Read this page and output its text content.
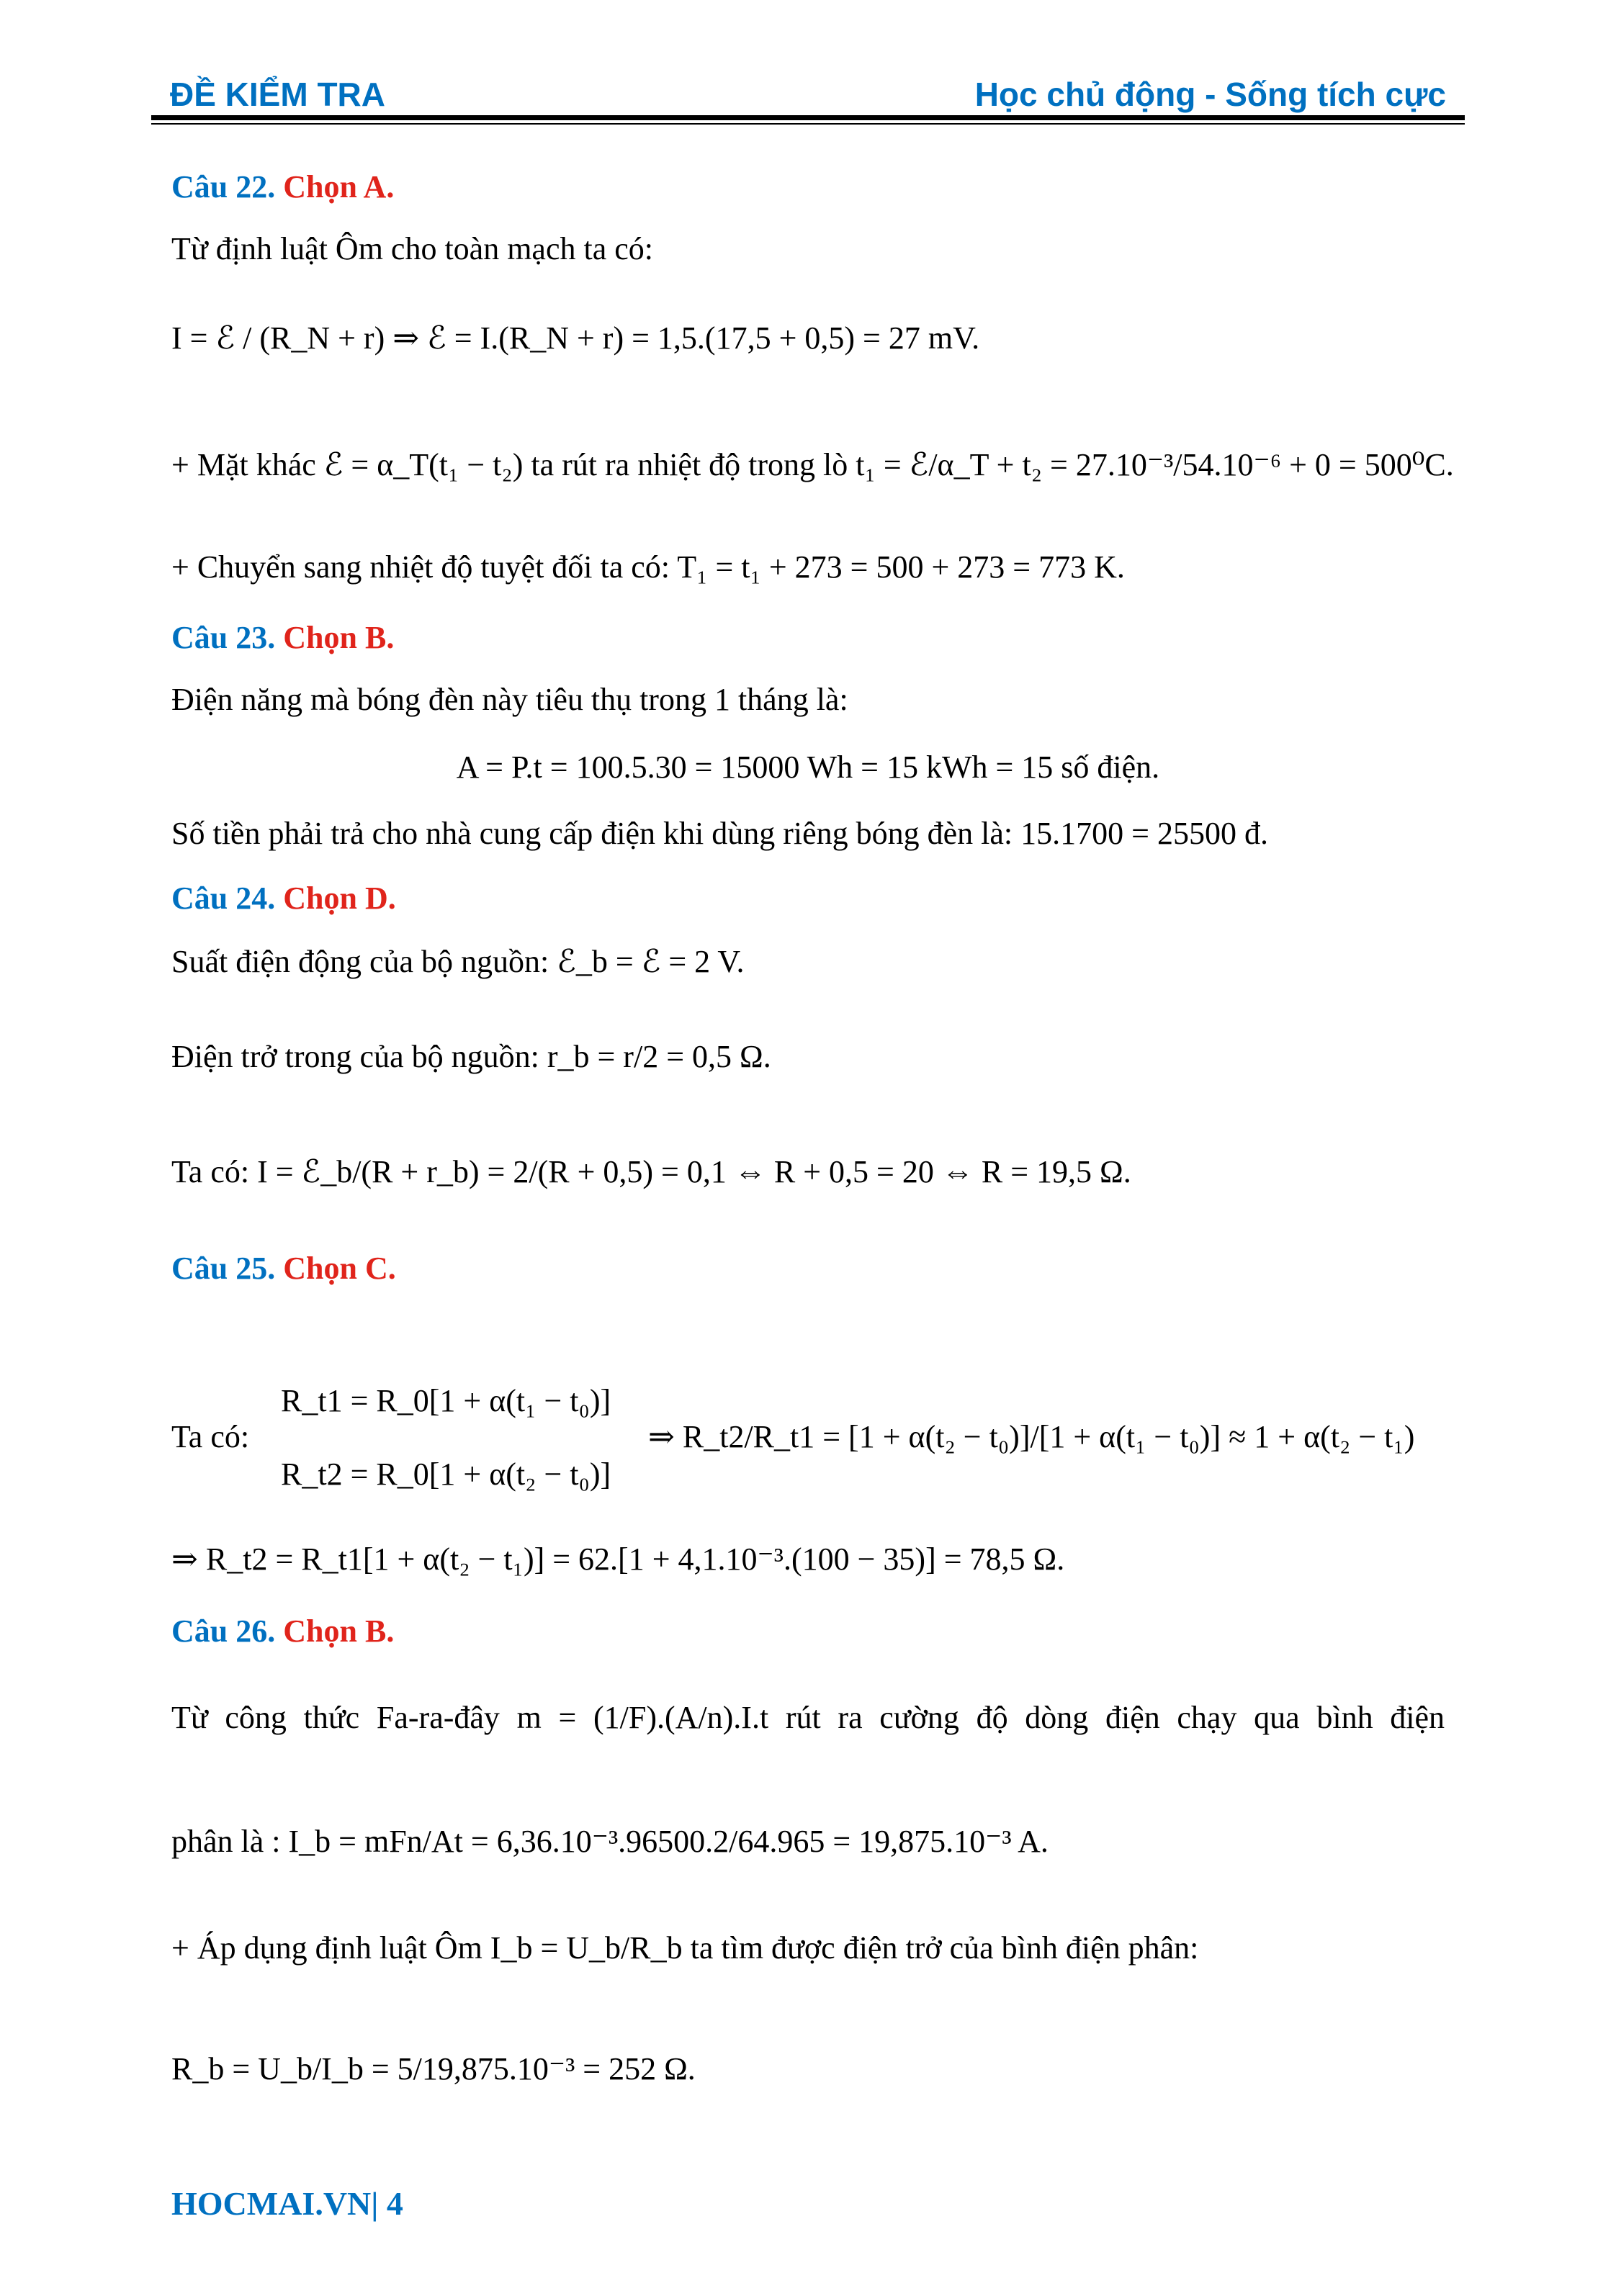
ĐỀ KIỂM TRA	Học chủ động - Sống tích cực
Câu 22. Chọn A.
Từ định luật Ôm cho toàn mạch ta có:
I = ℰ / (R_N + r) ⇒ ℰ = I.(R_N + r) = 1,5.(17,5 + 0,5) = 27 mV.
+ Mặt khác ℰ = α_T(t₁ − t₂) ta rút ra nhiệt độ trong lò t₁ = ℰ/α_T + t₂ = 27.10⁻³/54.10⁻⁶ + 0 = 500⁰C.
+ Chuyển sang nhiệt độ tuyệt đối ta có: T₁ = t₁ + 273 = 500 + 273 = 773 K.
Câu 23. Chọn B.
Điện năng mà bóng đèn này tiêu thụ trong 1 tháng là:
A = P.t = 100.5.30 = 15000 Wh = 15 kWh = 15 số điện.
Số tiền phải trả cho nhà cung cấp điện khi dùng riêng bóng đèn là: 15.1700 = 25500 đ.
Câu 24. Chọn D.
Suất điện động của bộ nguồn: ℰ_b = ℰ = 2 V.
Điện trở trong của bộ nguồn: r_b = r/2 = 0,5 Ω.
Ta có: I = ℰ_b/(R + r_b) = 2/(R + 0,5) = 0,1 ⇔ R + 0,5 = 20 ⇔ R = 19,5 Ω.
Câu 25. Chọn C.
Ta có:
R_t1 = R_0[1 + α(t₁ − t₀)]
R_t2 = R_0[1 + α(t₂ − t₀)]
⇒ R_t2/R_t1 = [1 + α(t₂ − t₀)]/[1 + α(t₁ − t₀)] ≈ 1 + α(t₂ − t₁)
⇒ R_t2 = R_t1[1 + α(t₂ − t₁)] = 62.[1 + 4,1.10⁻³.(100 − 35)] = 78,5 Ω.
Câu 26. Chọn B.
Từ công thức Fa-ra-đây m = (1/F).(A/n).I.t rút ra cường độ dòng điện chạy qua bình điện
phân là : I_b = mFn/At = 6,36.10⁻³.96500.2/64.965 = 19,875.10⁻³ A.
+ Áp dụng định luật Ôm I_b = U_b/R_b ta tìm được điện trở của bình điện phân:
R_b = U_b/I_b = 5/19,875.10⁻³ = 252 Ω.
HOCMAI.VN| 4
